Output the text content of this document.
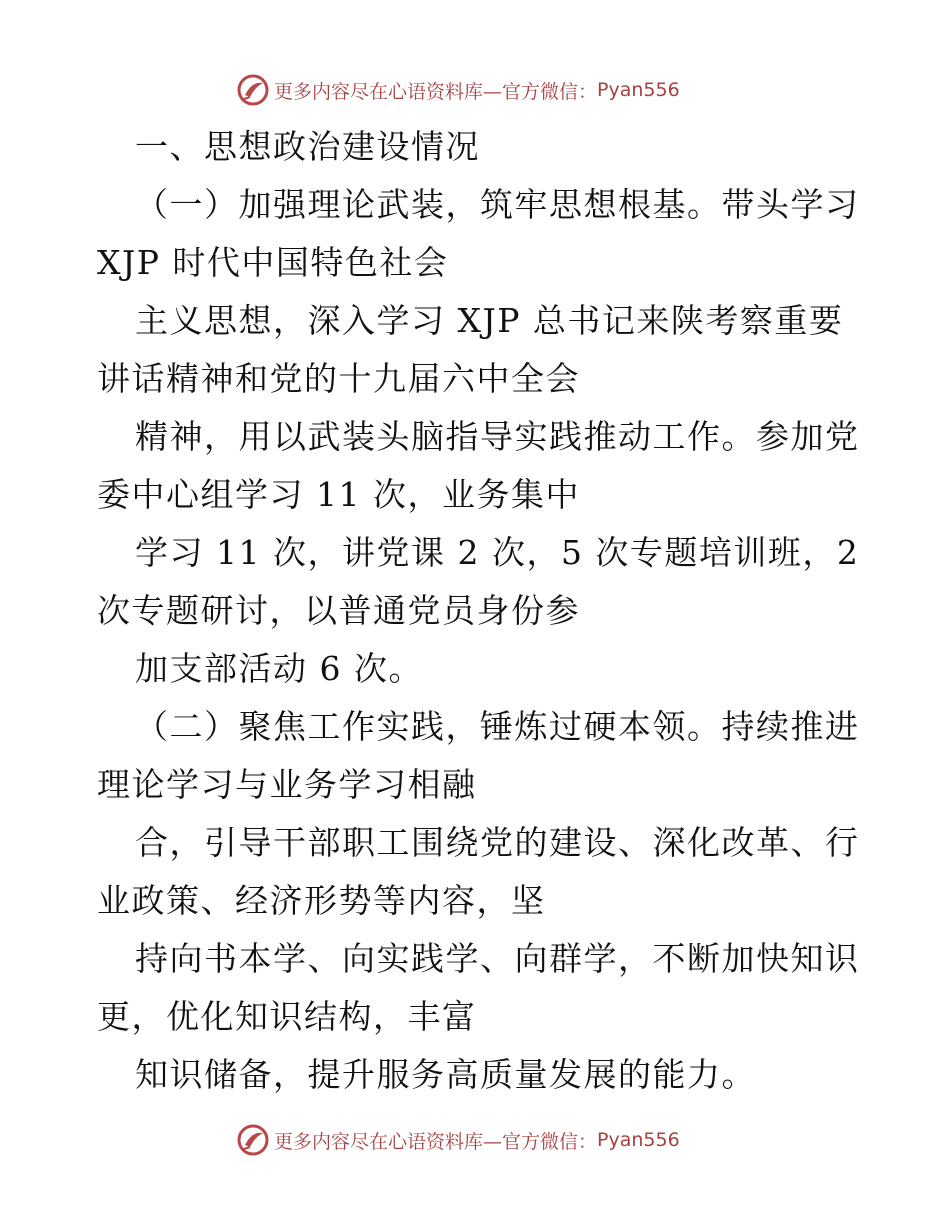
更多内容尽在心语资料库—官方微信： Pyan556
一、思想政治建设情况
（一）加强理论武装，筑牢思想根基。带头学习
XJP 时代中国特色社会
主义思想，深入学习 XJP 总书记来陕考察重要
讲话精神和党的十九届六中全会
精神，用以武装头脑指导实践推动工作。参加党
委中心组学习 11 次，业务集中
学习 11 次，讲党课 2 次，5 次专题培训班，2
次专题研讨，以普通党员身份参
加支部活动 6 次。
（二）聚焦工作实践，锤炼过硬本领。持续推进
理论学习与业务学习相融
合，引导干部职工围绕党的建设、深化改革、行
业政策、经济形势等内容，坚
持向书本学、向实践学、向群学，不断加快知识
更，优化知识结构，丰富
知识储备，提升服务高质量发展的能力。
更多内容尽在心语资料库—官方微信： Pyan556
